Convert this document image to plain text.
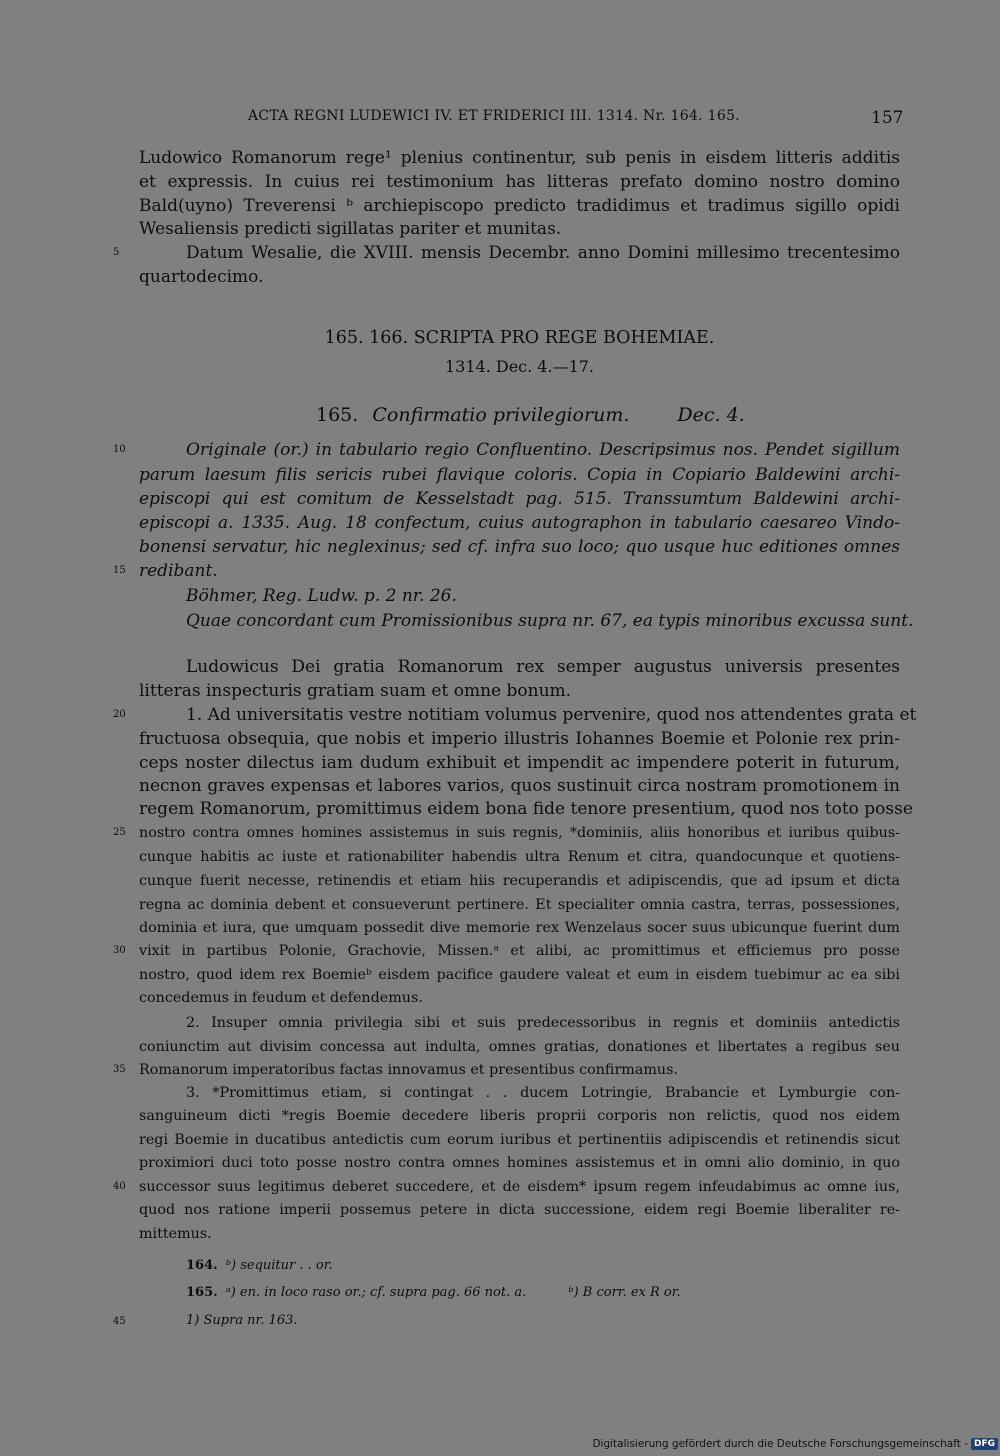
ACTA REGNI LUDEWICI IV. ET FRIDERICI III. 1314. Nr. 164. 165.	157
Ludowico Romanorum rege¹ plenius continentur, sub penis in eisdem litteris additis
et expressis. In cuius rei testimonium has litteras prefato domino nostro domino
Bald(uyno) Treverensi ᵇ archiepiscopo predicto tradidimus et tradimus sigillo opidi
Wesaliensis predicti sigillatas pariter et munitas.
Datum Wesalie, die XVIII. mensis Decembr. anno Domini millesimo trecentesimo
quartodecimo.
165. 166. SCRIPTA PRO REGE BOHEMIAE.
1314. Dec. 4.—17.
165. Confirmatio privilegiorum.	Dec. 4.
Originale (or.) in tabulario regio Confluentino. Descripsimus nos. Pendet sigillum
parum laesum filis sericis rubei flavique coloris. Copia in Copiario Baldewini archi-
episcopi qui est comitum de Kesselstadt pag. 515. Transsumtum Baldewini archi-
episcopi a. 1335. Aug. 18 confectum, cuius autographon in tabulario caesareo Vindo-
bonensi servatur, hic neglexinus; sed cf. infra suo loco; quo usque huc editiones omnes
redibant.
Böhmer, Reg. Ludw. p. 2 nr. 26.
Quae concordant cum Promissionibus supra nr. 67, ea typis minoribus excussa sunt.
Ludowicus Dei gratia Romanorum rex semper augustus universis presentes
litteras inspecturis gratiam suam et omne bonum.
1. Ad universitatis vestre notitiam volumus pervenire, quod nos attendentes grata et
fructuosa obsequia, que nobis et imperio illustris Iohannes Boemie et Polonie rex prin-
ceps noster dilectus iam dudum exhibuit et impendit ac impendere poterit in futurum,
necnon graves expensas et labores varios, quos sustinuit circa nostram promotionem in
regem Romanorum, promittimus eidem bona fide tenore presentium, quod nos toto posse
nostro contra omnes homines assistemus in suis regnis, *dominiis, aliis honoribus et iuribus quibus-
cunque habitis ac iuste et rationabiliter habendis ultra Renum et citra, quandocunque et quotiens-
cunque fuerit necesse, retinendis et etiam hiis recuperandis et adipiscendis, que ad ipsum et dicta
regna ac dominia debent et consueverunt pertinere. Et specialiter omnia castra, terras, possessiones,
dominia et iura, que umquam possedit dive memorie rex Wenzelaus socer suus ubicunque fuerint dum
vixit in partibus Polonie, Grachovie, Missen.ᵃ et alibi, ac promittimus et efficiemus pro posse
nostro, quod idem rex Boemieᵇ eisdem pacifice gaudere valeat et eum in eisdem tuebimur ac ea sibi
concedemus in feudum et defendemus.
2. Insuper omnia privilegia sibi et suis predecessoribus in regnis et dominiis antedictis
coniunctim aut divisim concessa aut indulta, omnes gratias, donationes et libertates a regibus seu
Romanorum imperatoribus factas innovamus et presentibus confirmamus.
3. *Promittimus etiam, si contingat . . ducem Lotringie, Brabancie et Lymburgie con-
sanguineum dicti *regis Boemie decedere liberis proprii corporis non relictis, quod nos eidem
regi Boemie in ducatibus antedictis cum eorum iuribus et pertinentiis adipiscendis et retinendis sicut
proximiori duci toto posse nostro contra omnes homines assistemus et in omni alio dominio, in quo
successor suus legitimus deberet succedere, et de eisdem* ipsum regem infeudabimus ac omne ius,
quod nos ratione imperii possemus petere in dicta successione, eidem regi Boemie liberaliter re-
mittemus.
164. ᵇ) sequitur . . or.
165. ᵃ) en. in loco raso or.; cf. supra pag. 66 not. a.	ᵇ) B corr. ex R or.
1) Supra nr. 163.
5
10
15
20
25
30
35
40
45
Digitalisierung gefördert durch die Deutsche Forschungsgemeinschaft - DFG
